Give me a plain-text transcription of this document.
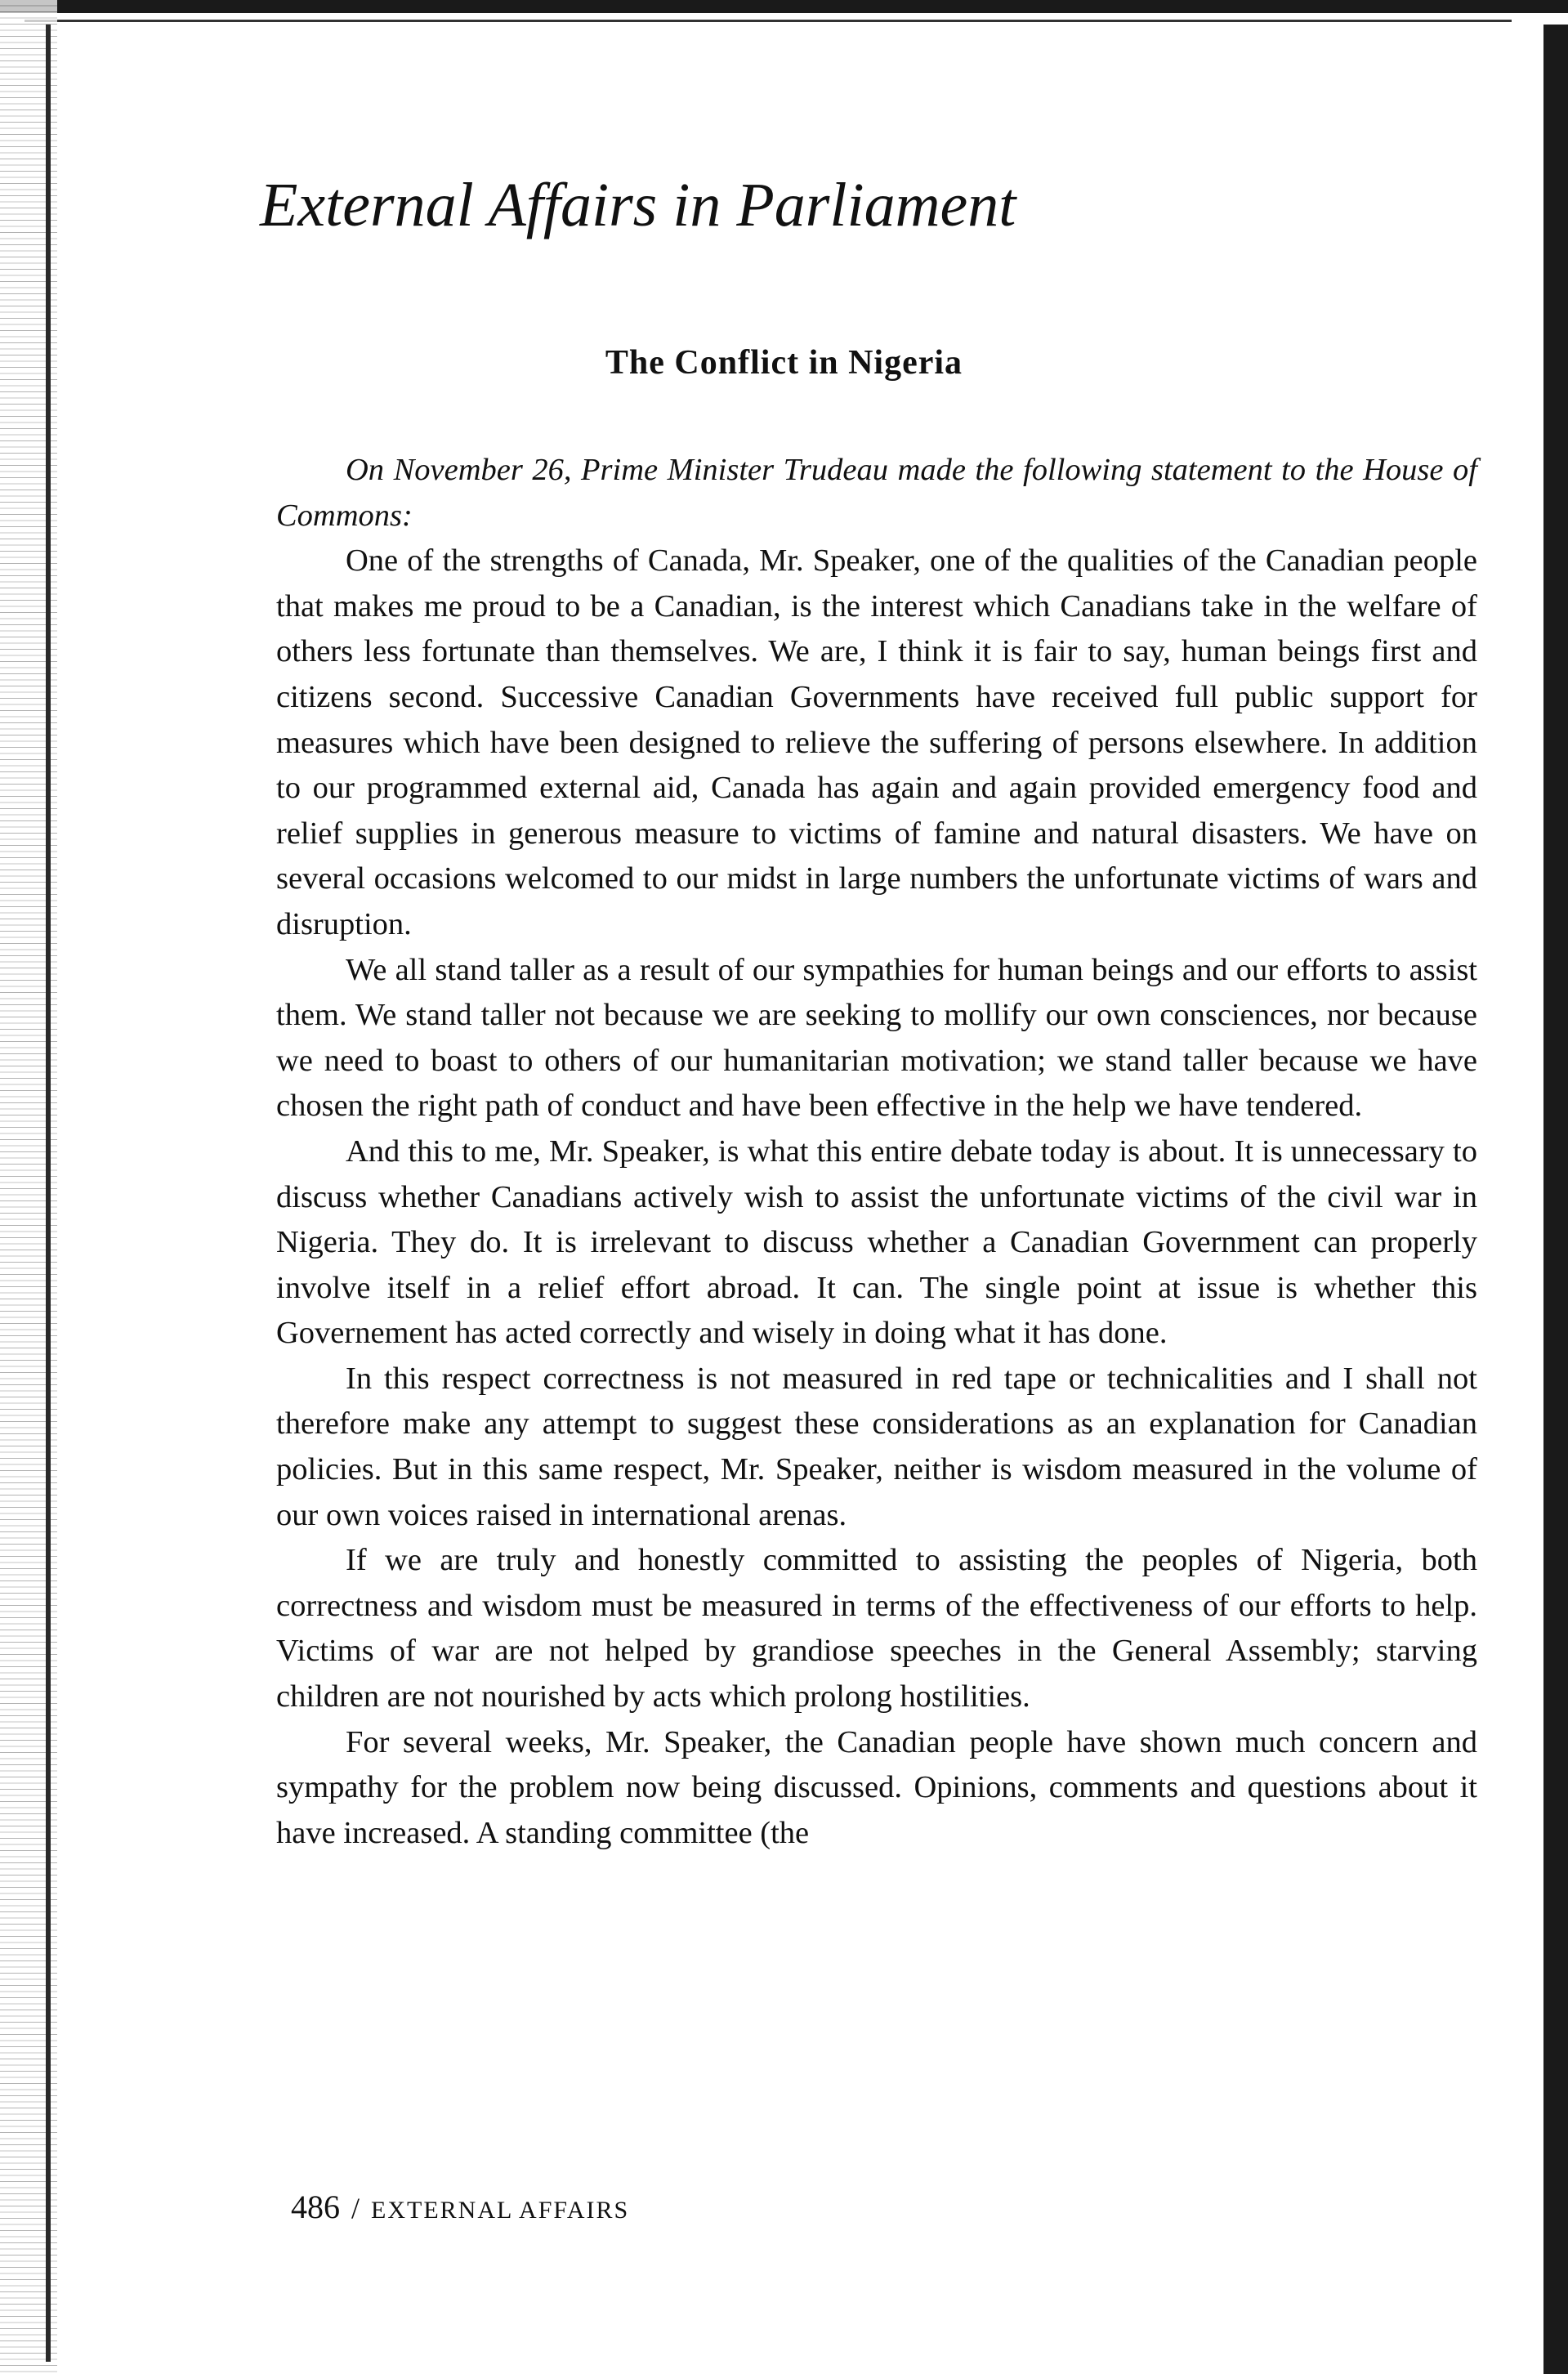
External Affairs in Parliament
The Conflict in Nigeria

On November 26, Prime Minister Trudeau made the following statement to the House of Commons:

One of the strengths of Canada, Mr. Speaker, one of the qualities of the Canadian people that makes me proud to be a Canadian, is the interest which Canadians take in the welfare of others less fortunate than themselves. We are, I think it is fair to say, human beings first and citizens second. Successive Canadian Governments have received full public support for measures which have been designed to relieve the suffering of persons elsewhere. In addition to our programmed external aid, Canada has again and again provided emergency food and relief supplies in generous measure to victims of famine and natural disasters. We have on several occasions welcomed to our midst in large numbers the unfortunate victims of wars and disruption.

We all stand taller as a result of our sympathies for human beings and our efforts to assist them. We stand taller not because we are seeking to mollify our own consciences, nor because we need to boast to others of our humanitarian motivation; we stand taller because we have chosen the right path of conduct and have been effective in the help we have tendered.

And this to me, Mr. Speaker, is what this entire debate today is about. It is unnecessary to discuss whether Canadians actively wish to assist the unfortunate victims of the civil war in Nigeria. They do. It is irrelevant to discuss whether a Canadian Government can properly involve itself in a relief effort abroad. It can. The single point at issue is whether this Governement has acted correctly and wisely in doing what it has done.

In this respect correctness is not measured in red tape or technicalities and I shall not therefore make any attempt to suggest these considerations as an explanation for Canadian policies. But in this same respect, Mr. Speaker, neither is wisdom measured in the volume of our own voices raised in international arenas.

If we are truly and honestly committed to assisting the peoples of Nigeria, both correctness and wisdom must be measured in terms of the effectiveness of our efforts to help. Victims of war are not helped by grandiose speeches in the General Assembly; starving children are not nourished by acts which prolong hostilities.

For several weeks, Mr. Speaker, the Canadian people have shown much concern and sympathy for the problem now being discussed. Opinions, comments and questions about it have increased. A standing committee (the

486 / EXTERNAL AFFAIRS
